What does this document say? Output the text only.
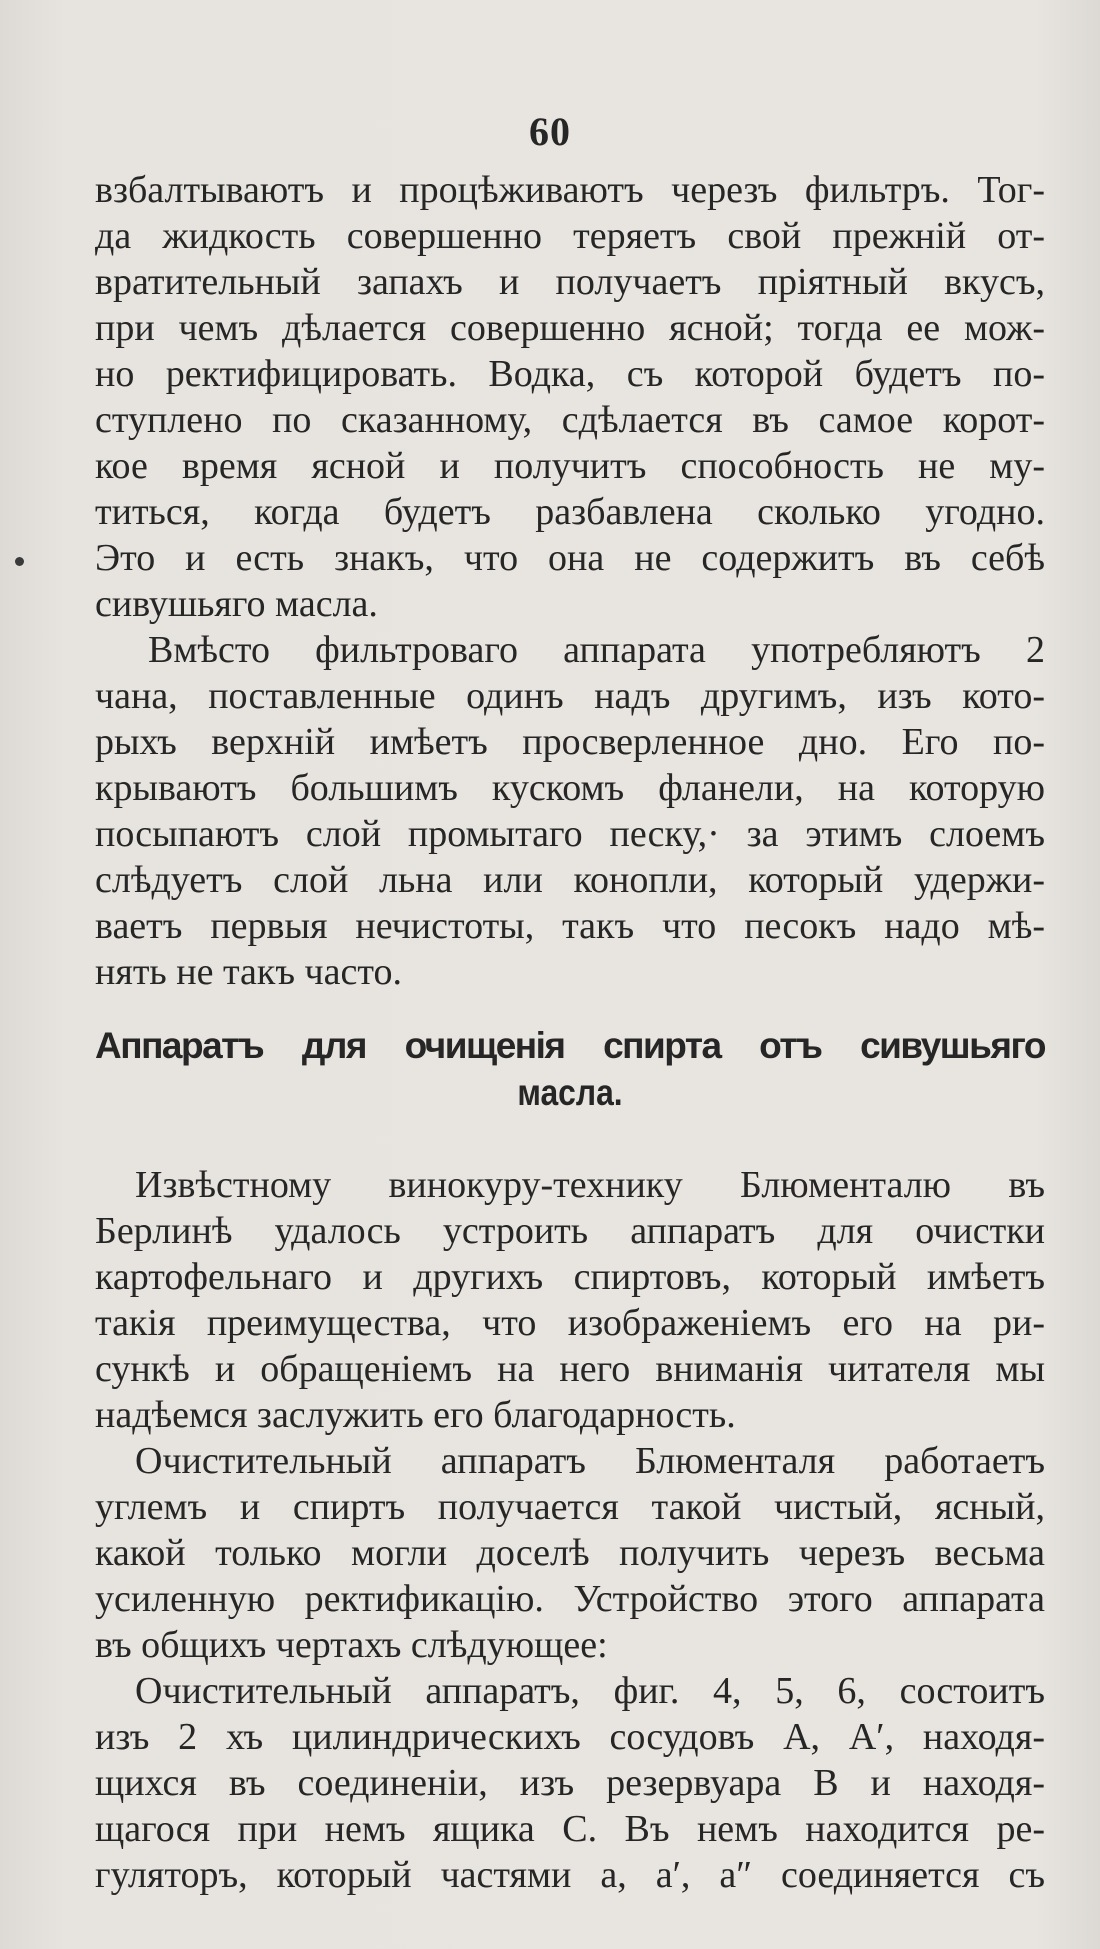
60
взбалтываютъ и процѣживаютъ черезъ фильтръ. Тог-
да жидкость совершенно теряетъ свой прежнiй от-
вратительный запахъ и получаетъ прiятный вкусъ,
при чемъ дѣлается совершенно ясной; тогда ее мож-
но ректифицировать. Водка, съ которой будетъ по-
ступлено по сказанному, сдѣлается въ самое корот-
кое время ясной и получитъ способность не му-
титься, когда будетъ разбавлена сколько угодно.
Это и есть знакъ, что она не содержитъ въ себѣ
сивушьяго масла.
Вмѣсто фильтроваго аппарата употребляютъ 2
чана, поставленные одинъ надъ другимъ, изъ кото-
рыхъ верхнiй имѣетъ просверленное дно. Его по-
крываютъ большимъ кускомъ фланели, на которую
посыпаютъ слой промытаго песку,· за этимъ слоемъ
слѣдуетъ слой льна или конопли, который удержи-
ваетъ первыя нечистоты, такъ что песокъ надо мѣ-
нять не такъ часто.
Аппаратъ для очищенiя спирта отъ сивушьяго
масла.
Извѣстному винокуру-технику Блюменталю въ
Берлинѣ удалось устроить аппаратъ для очистки
картофельнаго и другихъ спиртовъ, который имѣетъ
такiя преимущества, что изображенiемъ его на ри-
сункѣ и обращенiемъ на него вниманiя читателя мы
надѣемся заслужить его благодарность.
Очистительный аппаратъ Блюменталя работаетъ
углемъ и спиртъ получается такой чистый, ясный,
какой только могли доселѣ получить черезъ весьма
усиленную ректификацiю. Устройство этого аппарата
въ общихъ чертахъ слѣдующее:
Очистительный аппаратъ, фиг. 4, 5, 6, состоитъ
изъ 2 хъ цилиндрическихъ сосудовъ А, А′, находя-
щихся въ соединенiи, изъ резервуара В и находя-
щагося при немъ ящика С. Въ немъ находится ре-
гуляторъ, который частями а, а′, а″ соединяется съ
